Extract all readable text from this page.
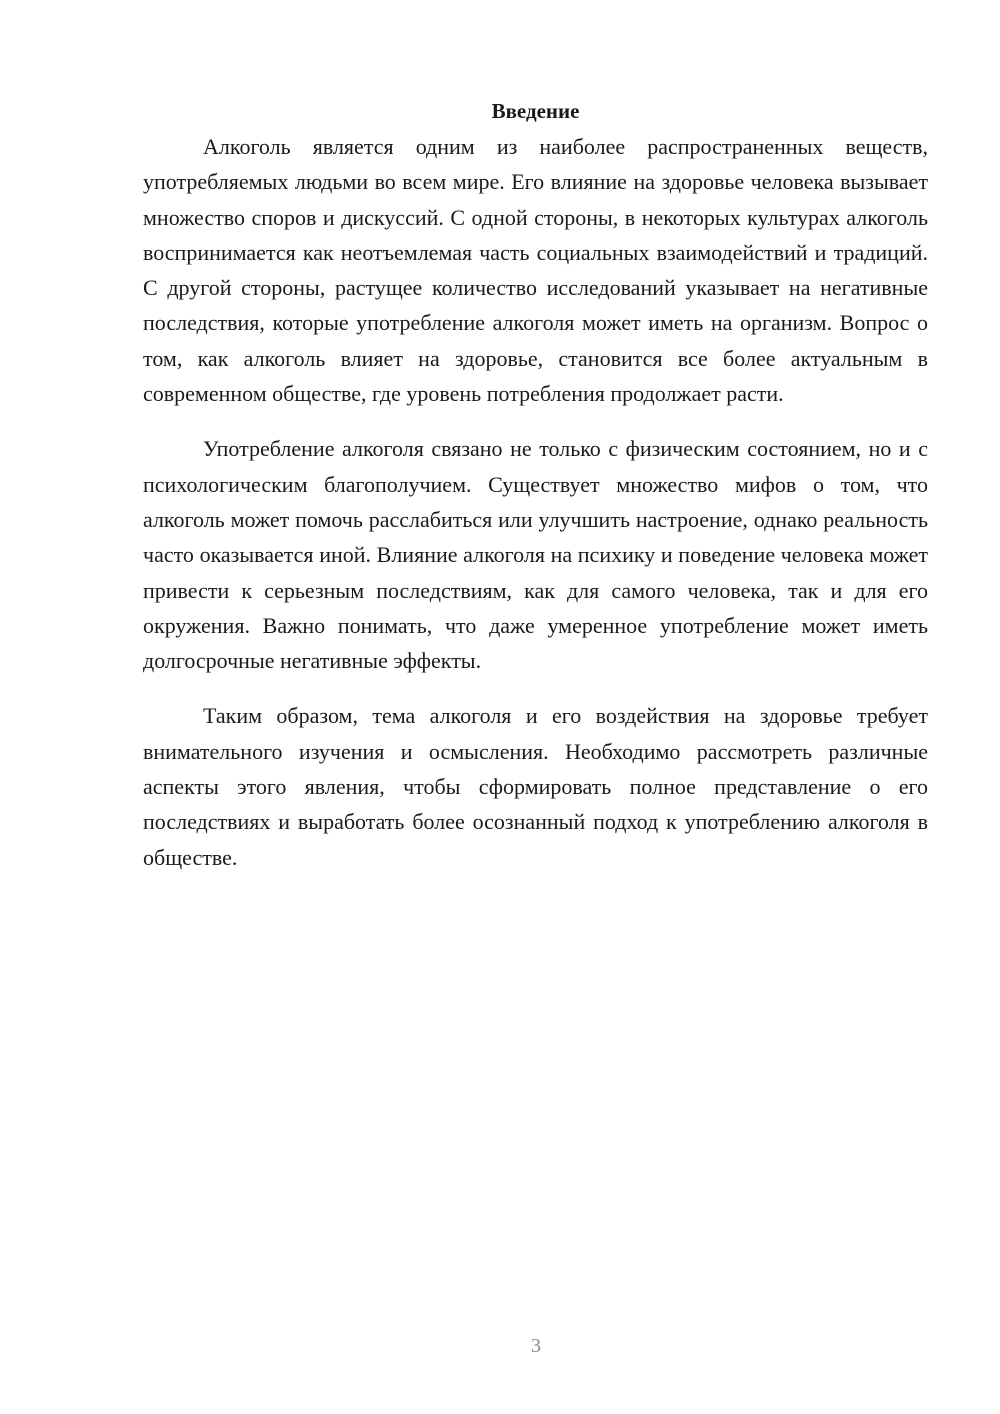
Введение

Алкоголь является одним из наиболее распространенных веществ, употребляемых людьми во всем мире. Его влияние на здоровье человека вызывает множество споров и дискуссий. С одной стороны, в некоторых культурах алкоголь воспринимается как неотъемлемая часть социальных взаимодействий и традиций. С другой стороны, растущее количество исследований указывает на негативные последствия, которые употребление алкоголя может иметь на организм. Вопрос о том, как алкоголь влияет на здоровье, становится все более актуальным в современном обществе, где уровень потребления продолжает расти.

Употребление алкоголя связано не только с физическим состоянием, но и с психологическим благополучием. Существует множество мифов о том, что алкоголь может помочь расслабиться или улучшить настроение, однако реальность часто оказывается иной. Влияние алкоголя на психику и поведение человека может привести к серьезным последствиям, как для самого человека, так и для его окружения. Важно понимать, что даже умеренное употребление может иметь долгосрочные негативные эффекты.

Таким образом, тема алкоголя и его воздействия на здоровье требует внимательного изучения и осмысления. Необходимо рассмотреть различные аспекты этого явления, чтобы сформировать полное представление о его последствиях и выработать более осознанный подход к употреблению алкоголя в обществе.

3
